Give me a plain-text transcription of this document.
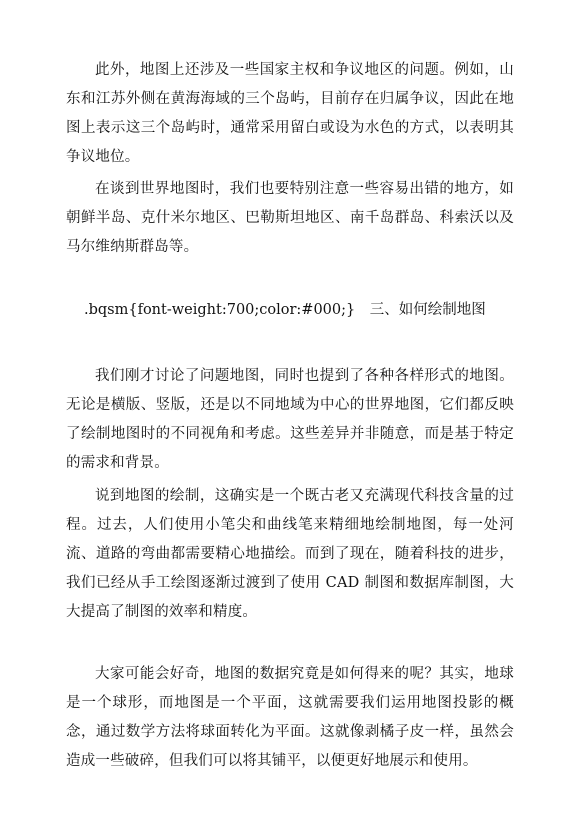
此外，地图上还涉及一些国家主权和争议地区的问题。例如，山东和江苏外侧在黄海海域的三个岛屿，目前存在归属争议，因此在地图上表示这三个岛屿时，通常采用留白或设为水色的方式，以表明其争议地位。

在谈到世界地图时，我们也要特别注意一些容易出错的地方，如朝鲜半岛、克什米尔地区、巴勒斯坦地区、南千岛群岛、科索沃以及马尔维纳斯群岛等。

.bqsm{font-weight:700;color:#000;}　三、如何绘制地图

我们刚才讨论了问题地图，同时也提到了各种各样形式的地图。无论是横版、竖版，还是以不同地域为中心的世界地图，它们都反映了绘制地图时的不同视角和考虑。这些差异并非随意，而是基于特定的需求和背景。

说到地图的绘制，这确实是一个既古老又充满现代科技含量的过程。过去，人们使用小笔尖和曲线笔来精细地绘制地图，每一处河流、道路的弯曲都需要精心地描绘。而到了现在，随着科技的进步，我们已经从手工绘图逐渐过渡到了使用 CAD 制图和数据库制图，大大提高了制图的效率和精度。

大家可能会好奇，地图的数据究竟是如何得来的呢？其实，地球是一个球形，而地图是一个平面，这就需要我们运用地图投影的概念，通过数学方法将球面转化为平面。这就像剥橘子皮一样，虽然会造成一些破碎，但我们可以将其铺平，以便更好地展示和使用。
